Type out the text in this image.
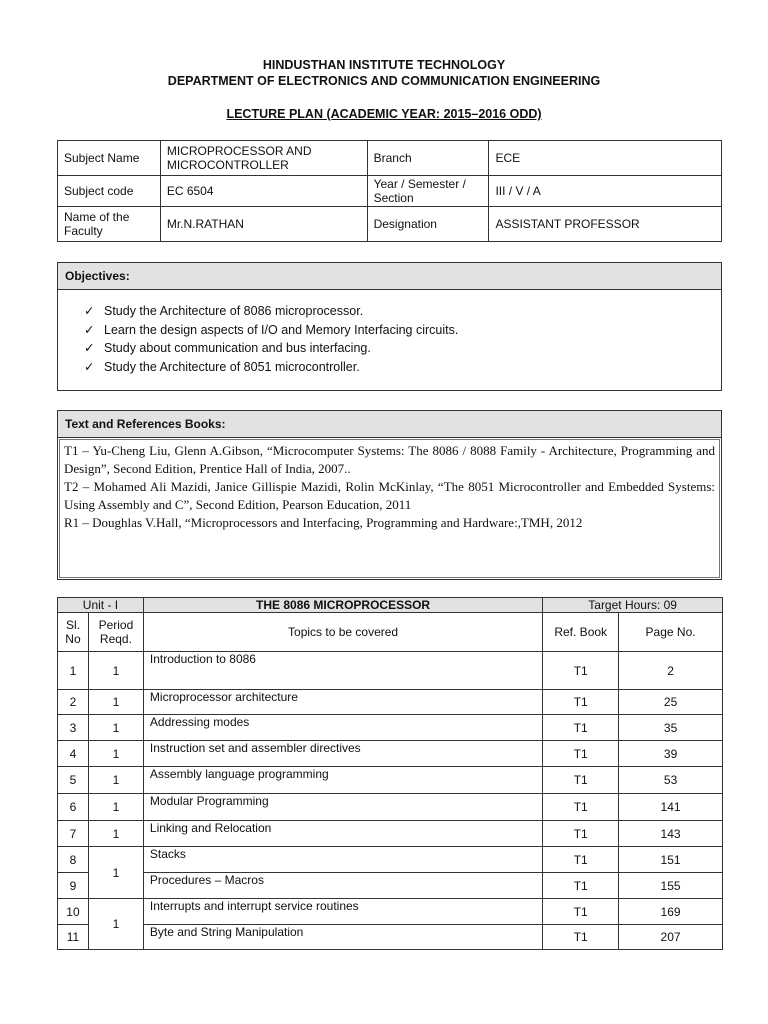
HINDUSTHAN INSTITUTE TECHNOLOGY
DEPARTMENT OF ELECTRONICS AND COMMUNICATION ENGINEERING
LECTURE PLAN (ACADEMIC YEAR: 2015–2016 ODD)
Subject Name	MICROPROCESSOR AND MICROCONTROLLER	Branch	ECE
Subject code	EC 6504	Year / Semester / Section	III / V / A
Name of the Faculty	Mr.N.RATHAN	Designation	ASSISTANT PROFESSOR
Objectives:
✓ Study the Architecture of 8086 microprocessor.
✓ Learn the design aspects of I/O and Memory Interfacing circuits.
✓ Study about communication and bus interfacing.
✓ Study the Architecture of 8051 microcontroller.
Text and References Books:
T1 – Yu-Cheng Liu, Glenn A.Gibson, “Microcomputer Systems: The 8086 / 8088 Family - Architecture, Programming and Design”, Second Edition, Prentice Hall of India, 2007..
T2 – Mohamed Ali Mazidi, Janice Gillispie Mazidi, Rolin McKinlay, “The 8051 Microcontroller and Embedded Systems: Using Assembly and C”, Second Edition, Pearson Education, 2011
R1 – Doughlas V.Hall, “Microprocessors and Interfacing, Programming and Hardware:,TMH, 2012
Unit - I		THE 8086 MICROPROCESSOR	Target Hours: 09	
Sl. No	Period Reqd.	Topics to be covered	Ref. Book	Page No.
1	1	Introduction to 8086	T1	2
2	1	Microprocessor architecture	T1	25
3	1	Addressing modes	T1	35
4	1	Instruction set and assembler directives	T1	39
5	1	Assembly language programming	T1	53
6	1	Modular Programming	T1	141
7	1	Linking and Relocation	T1	143
8	1	Stacks	T1	151
9		Procedures – Macros	T1	155
10	1	Interrupts and interrupt service routines	T1	169
11		Byte and String Manipulation	T1	207
